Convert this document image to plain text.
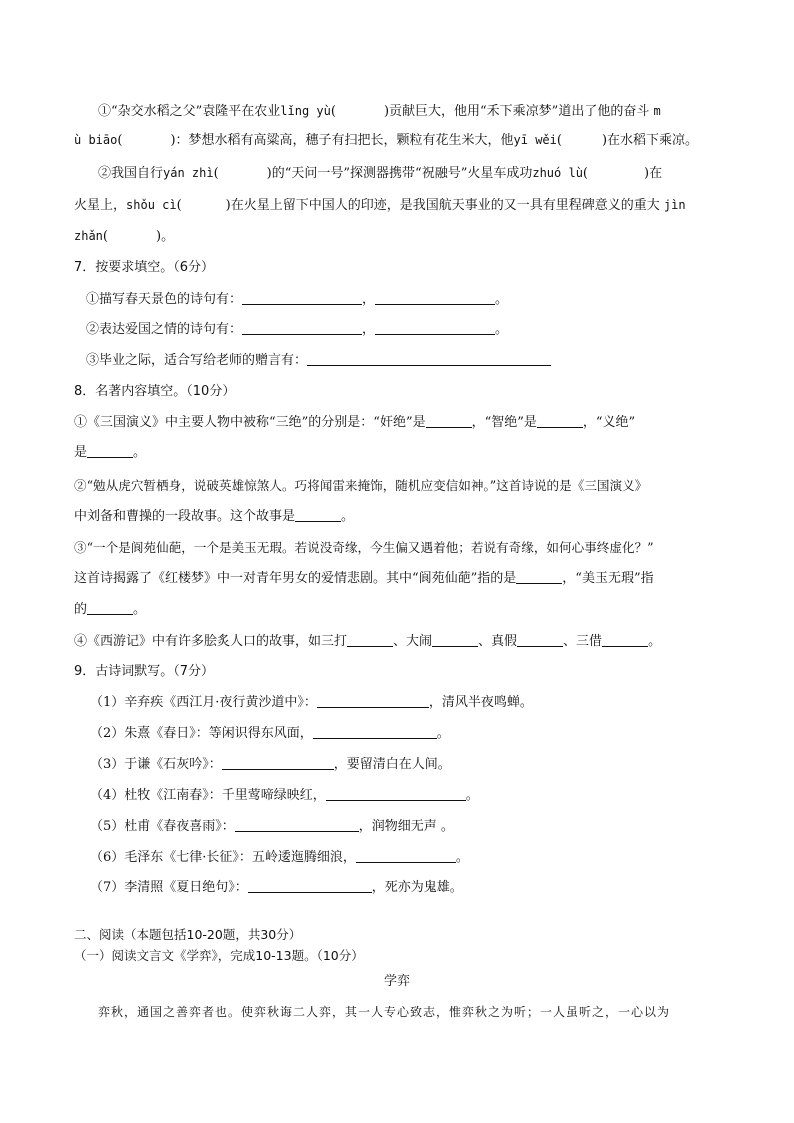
①“杂交水稻之父”袁隆平在农业lǐng yù(	)贡献巨大，他用“禾下乘凉梦”道出了他的奋斗 m
ù biāo(	)：梦想水稻有高粱高，穗子有扫把长，颗粒有花生米大，他yī wěi(	)在水稻下乘凉。
②我国自行yán zhì(	)的“天问一号”探测器携带“祝融号”火星车成功zhuó lù(	)在
火星上，shǒu cì(	)在火星上留下中国人的印迹，是我国航天事业的又一具有里程碑意义的重大 jìn
zhǎn(	)。
7．按要求填空。（6分）
①描写春天景色的诗句有：	，	。
②表达爱国之情的诗句有：	，	。
③毕业之际，适合写给老师的赠言有：
8．名著内容填空。（10分）
①《三国演义》中主要人物中被称“三绝”的分别是：“奸绝”是	，“智绝”是	，“义绝”
是	。
②“勉从虎穴暂栖身，说破英雄惊煞人。巧将闻雷来掩饰，随机应变信如神。”这首诗说的是《三国演义》
中刘备和曹操的一段故事。这个故事是	。
③“一个是阆苑仙葩，一个是美玉无瑕。若说没奇缘，今生偏又遇着他；若说有奇缘，如何心事终虚化？”
这首诗揭露了《红楼梦》中一对青年男女的爱情悲剧。其中“阆苑仙葩”指的是	，“美玉无瑕”指
的	。
④《西游记》中有许多脍炙人口的故事，如三打	、大闹	、真假	、三借	。
9．古诗词默写。（7分）
（1）辛弃疾《西江月·夜行黄沙道中》：	，清风半夜鸣蝉。
（2）朱熹《春日》：等闲识得东风面，	。
（3）于谦《石灰吟》：	，要留清白在人间。
（4）杜牧《江南春》：千里莺啼绿映红，	。
（5）杜甫《春夜喜雨》：	，润物细无声 。
（6）毛泽东《七律·长征》：五岭逶迤腾细浪，	。
（7）李清照《夏日绝句》：	，死亦为鬼雄。
二、阅读（本题包括10-20题，共30分）
（一）阅读文言文《学弈》，完成10-13题。（10分）
学弈
弈秋，通国之善弈者也。使弈秋诲二人弈，其一人专心致志，惟弈秋之为听；一人虽听之，一心以为
